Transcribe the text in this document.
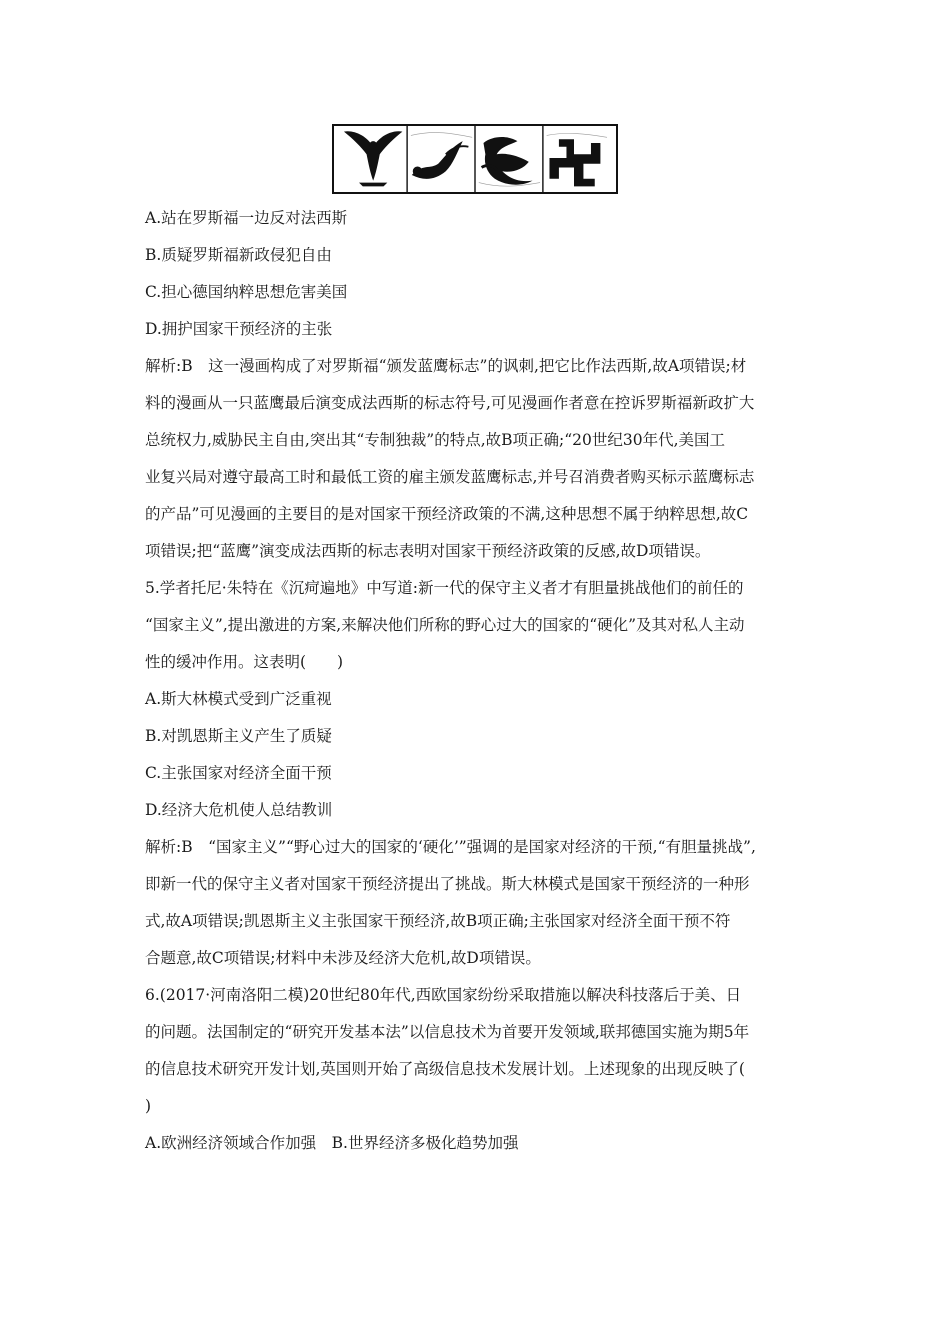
A.站在罗斯福一边反对法西斯
B.质疑罗斯福新政侵犯自由
C.担心德国纳粹思想危害美国
D.拥护国家干预经济的主张
解析:B　这一漫画构成了对罗斯福“颁发蓝鹰标志”的讽刺,把它比作法西斯,故A项错误;材
料的漫画从一只蓝鹰最后演变成法西斯的标志符号,可见漫画作者意在控诉罗斯福新政扩大
总统权力,威胁民主自由,突出其“专制独裁”的特点,故B项正确;“20世纪30年代,美国工
业复兴局对遵守最高工时和最低工资的雇主颁发蓝鹰标志,并号召消费者购买标示蓝鹰标志
的产品”可见漫画的主要目的是对国家干预经济政策的不满,这种思想不属于纳粹思想,故C
项错误;把“蓝鹰”演变成法西斯的标志表明对国家干预经济政策的反感,故D项错误。
5.学者托尼·朱特在《沉疴遍地》中写道:新一代的保守主义者才有胆量挑战他们的前任的
“国家主义”,提出激进的方案,来解决他们所称的野心过大的国家的“硬化”及其对私人主动
性的缓冲作用。这表明(　　)
A.斯大林模式受到广泛重视
B.对凯恩斯主义产生了质疑
C.主张国家对经济全面干预
D.经济大危机使人总结教训
解析:B　“国家主义”“野心过大的国家的‘硬化’”强调的是国家对经济的干预,“有胆量挑战”,
即新一代的保守主义者对国家干预经济提出了挑战。斯大林模式是国家干预经济的一种形
式,故A项错误;凯恩斯主义主张国家干预经济,故B项正确;主张国家对经济全面干预不符
合题意,故C项错误;材料中未涉及经济大危机,故D项错误。
6.(2017·河南洛阳二模)20世纪80年代,西欧国家纷纷采取措施以解决科技落后于美、日
的问题。法国制定的“研究开发基本法”以信息技术为首要开发领域,联邦德国实施为期5年
的信息技术研究开发计划,英国则开始了高级信息技术发展计划。上述现象的出现反映了(
)
A.欧洲经济领域合作加强　B.世界经济多极化趋势加强
